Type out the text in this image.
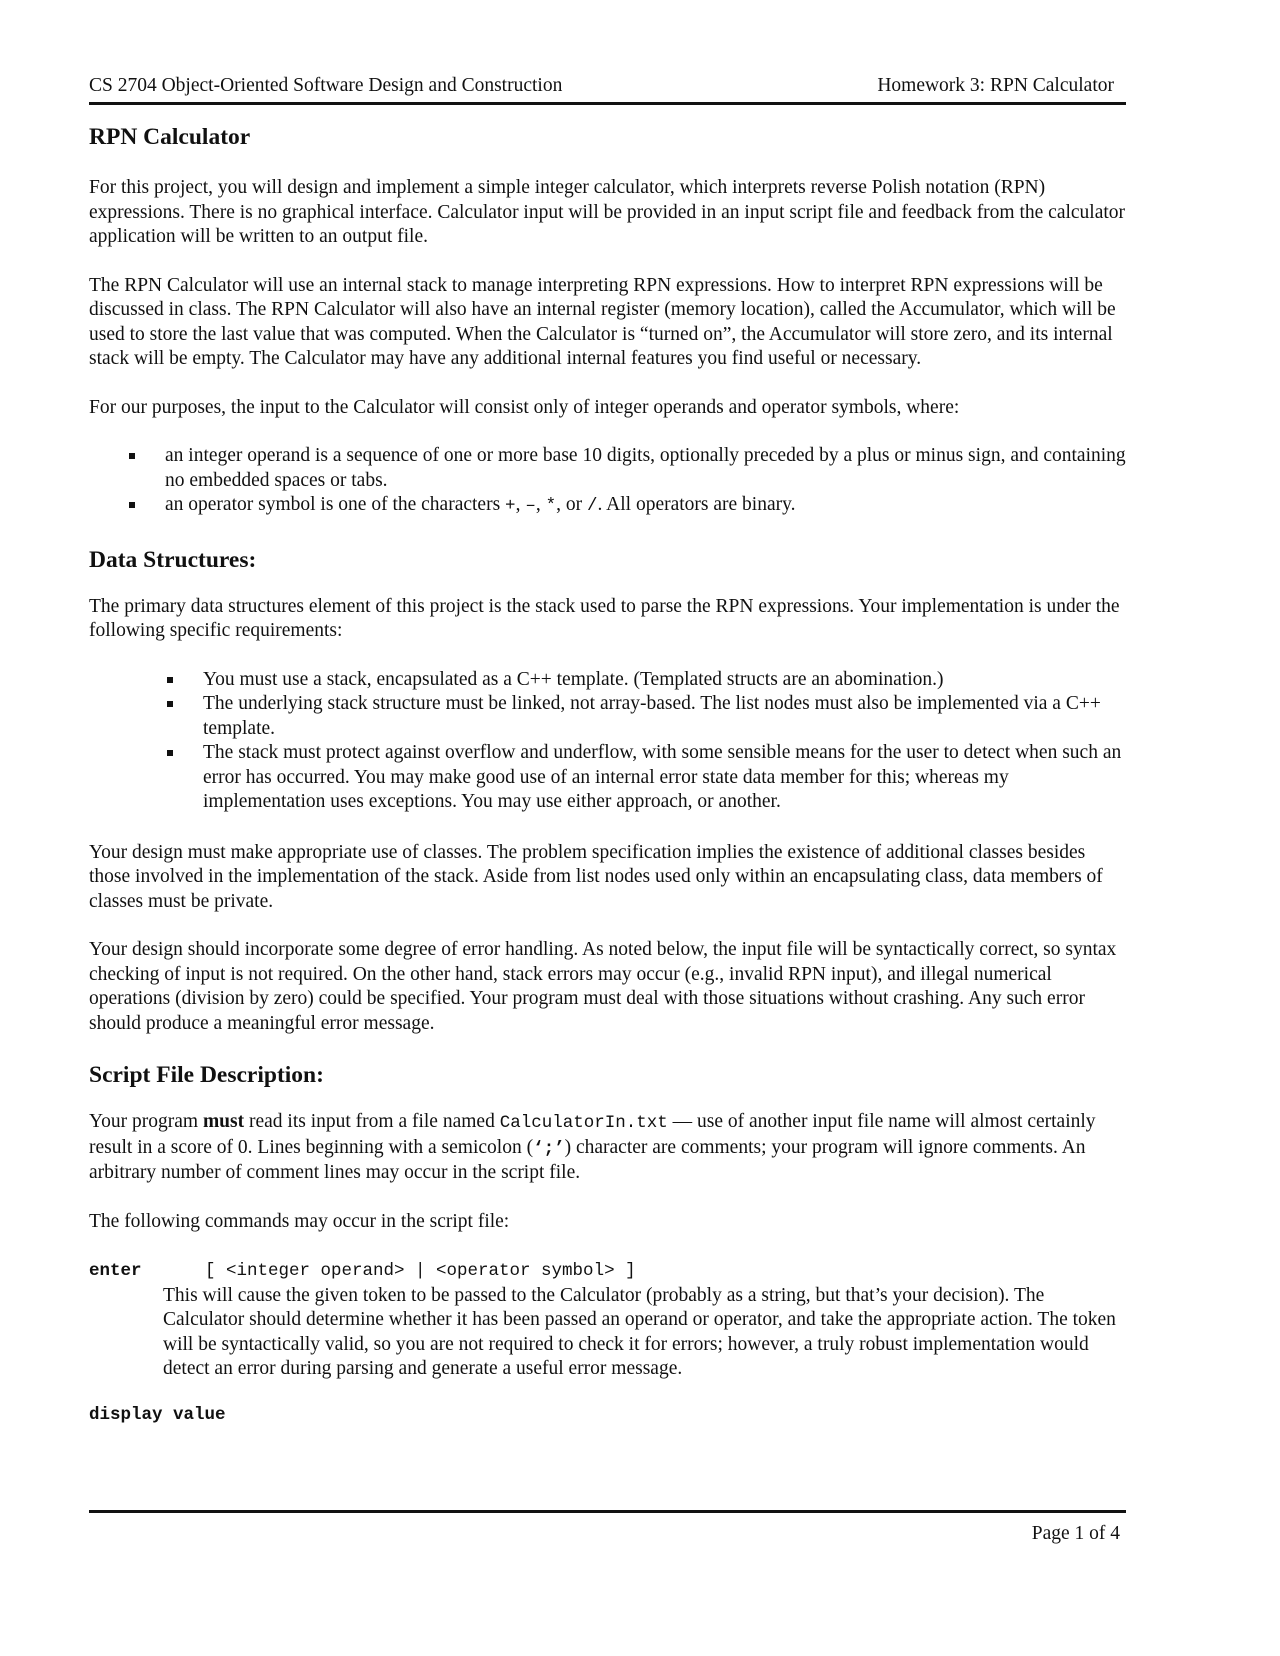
CS 2704 Object-Oriented Software Design and Construction	Homework 3: RPN Calculator
RPN Calculator

For this project, you will design and implement a simple integer calculator, which interprets reverse Polish notation (RPN) expressions. There is no graphical interface. Calculator input will be provided in an input script file and feedback from the calculator application will be written to an output file.

The RPN Calculator will use an internal stack to manage interpreting RPN expressions. How to interpret RPN expressions will be discussed in class. The RPN Calculator will also have an internal register (memory location), called the Accumulator, which will be used to store the last value that was computed. When the Calculator is “turned on”, the Accumulator will store zero, and its internal stack will be empty. The Calculator may have any additional internal features you find useful or necessary.

For our purposes, the input to the Calculator will consist only of integer operands and operator symbols, where:

an integer operand is a sequence of one or more base 10 digits, optionally preceded by a plus or minus sign, and containing no embedded spaces or tabs.
an operator symbol is one of the characters +, –, *, or /. All operators are binary.
Data Structures:

The primary data structures element of this project is the stack used to parse the RPN expressions. Your implementation is under the following specific requirements:

You must use a stack, encapsulated as a C++ template. (Templated structs are an abomination.)
The underlying stack structure must be linked, not array-based. The list nodes must also be implemented via a C++ template.
The stack must protect against overflow and underflow, with some sensible means for the user to detect when such an error has occurred. You may make good use of an internal error state data member for this; whereas my implementation uses exceptions. You may use either approach, or another.

Your design must make appropriate use of classes. The problem specification implies the existence of additional classes besides those involved in the implementation of the stack. Aside from list nodes used only within an encapsulating class, data members of classes must be private.

Your design should incorporate some degree of error handling. As noted below, the input file will be syntactically correct, so syntax checking of input is not required. On the other hand, stack errors may occur (e.g., invalid RPN input), and illegal numerical operations (division by zero) could be specified. Your program must deal with those situations without crashing. Any such error should produce a meaningful error message.

Script File Description:

Your program must read its input from a file named CalculatorIn.txt — use of another input file name will almost certainly result in a score of 0. Lines beginning with a semicolon (‘;’) character are comments; your program will ignore comments. An arbitrary number of comment lines may occur in the script file.

The following commands may occur in the script file:

enter	[ <integer operand> | <operator symbol> ]

This will cause the given token to be passed to the Calculator (probably as a string, but that’s your decision). The Calculator should determine whether it has been passed an operand or operator, and take the appropriate action. The token will be syntactically valid, so you are not required to check it for errors; however, a truly robust implementation would detect an error during parsing and generate a useful error message.

display value
Page 1 of 4
